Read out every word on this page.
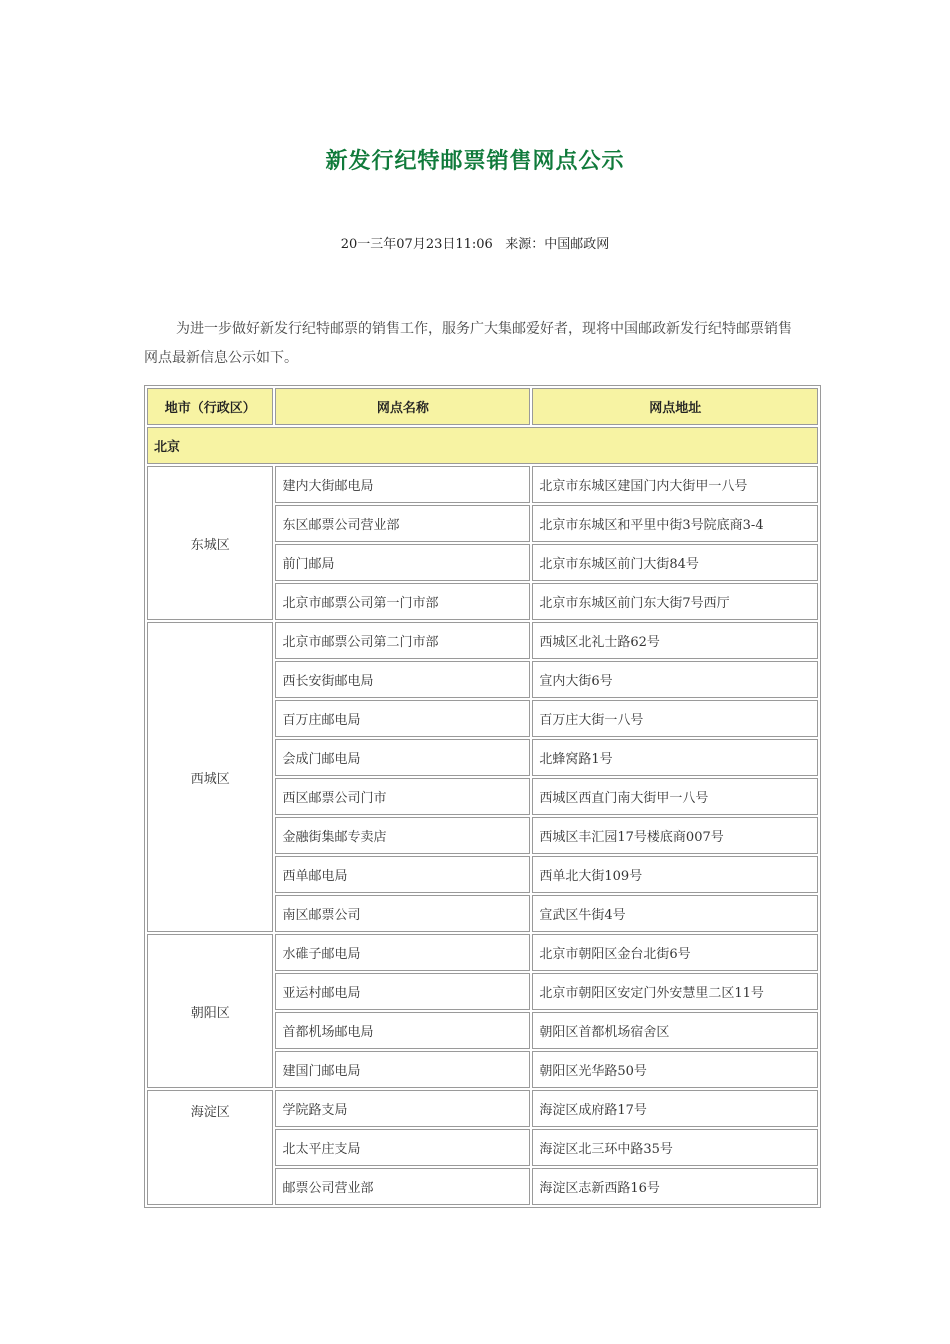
新发行纪特邮票销售网点公示
20一三年07月23日11:06 来源：中国邮政网
为进一步做好新发行纪特邮票的销售工作，服务广大集邮爱好者，现将中国邮政新发行纪特邮票销售网点最新信息公示如下。
地市（行政区）	网点名称	网点地址
北京		
东城区	建内大街邮电局	北京市东城区建国门内大街甲一八号
	东区邮票公司营业部	北京市东城区和平里中街3号院底商3-4
	前门邮局	北京市东城区前门大街84号
	北京市邮票公司第一门市部	北京市东城区前门东大街7号西厅
西城区	北京市邮票公司第二门市部	西城区北礼士路62号
	西长安街邮电局	宣内大街6号
	百万庄邮电局	百万庄大街一八号
	会成门邮电局	北蜂窝路1号
	西区邮票公司门市	西城区西直门南大街甲一八号
	金融街集邮专卖店	西城区丰汇园17号楼底商007号
	西单邮电局	西单北大街109号
	南区邮票公司	宣武区牛街4号
朝阳区	水碓子邮电局	北京市朝阳区金台北街6号
	亚运村邮电局	北京市朝阳区安定门外安慧里二区11号
	首都机场邮电局	朝阳区首都机场宿舍区
	建国门邮电局	朝阳区光华路50号
海淀区	学院路支局	海淀区成府路17号
	北太平庄支局	海淀区北三环中路35号
	邮票公司营业部	海淀区志新西路16号
